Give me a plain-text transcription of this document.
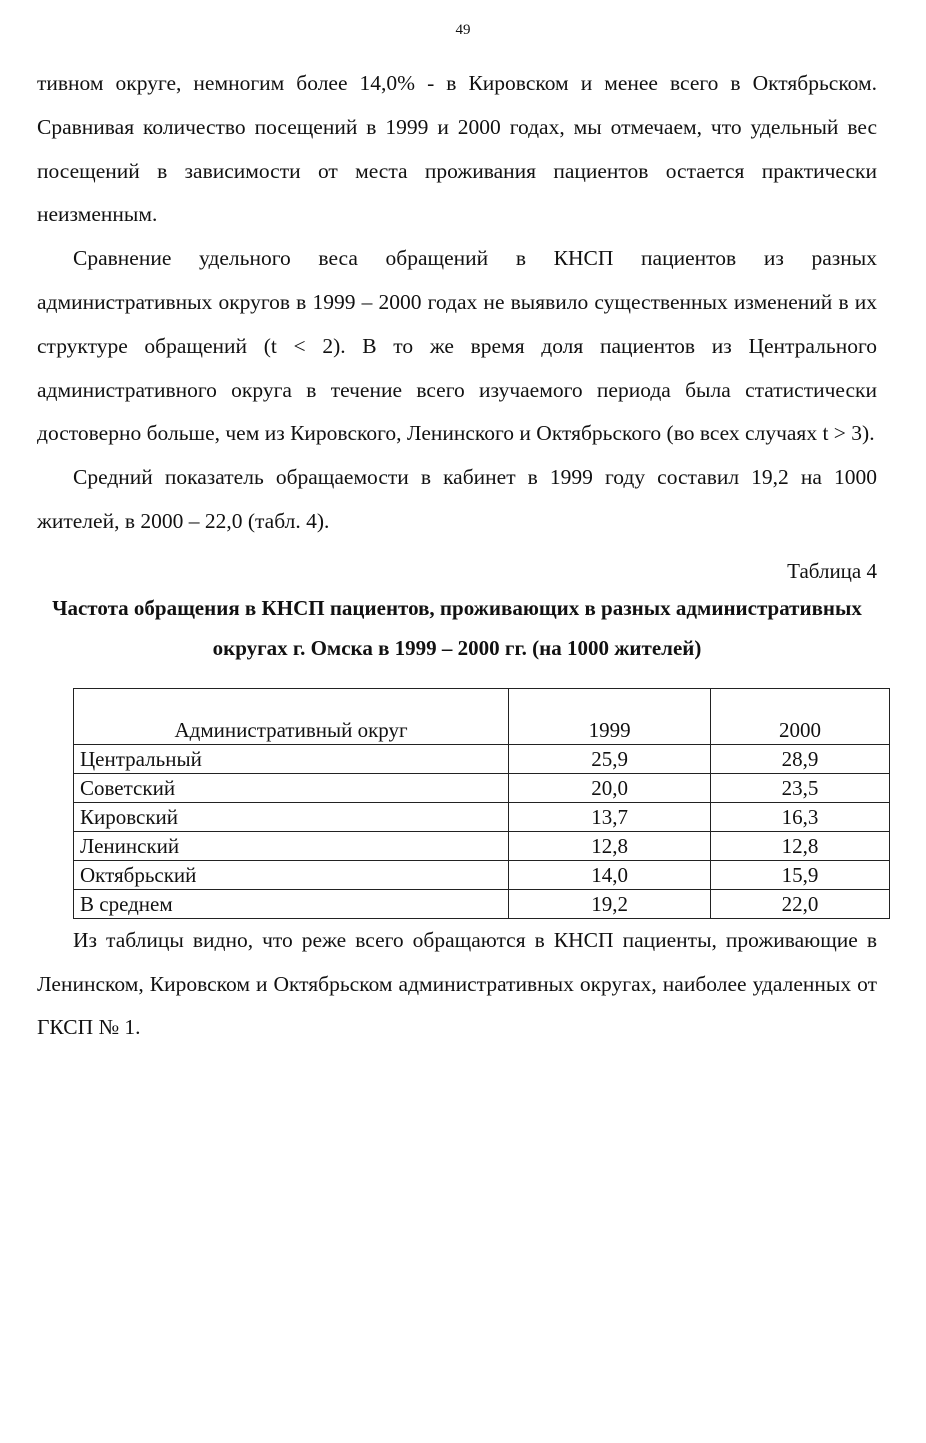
49

тивном округе, немногим более 14,0% - в Кировском и менее всего в Октябрьском. Сравнивая количество посещений в 1999 и 2000 годах, мы отмечаем, что удельный вес посещений в зависимости от места проживания пациентов остается практически неизменным.

Сравнение удельного веса обращений в КНСП пациентов из разных административных округов в 1999 – 2000 годах не выявило существенных изменений в их структуре обращений (t < 2). В то же время доля пациентов из Центрального административного округа в течение всего изучаемого периода была статистически достоверно больше, чем из Кировского, Ленинского и Октябрьского (во всех случаях t > 3).

Средний показатель обращаемости в кабинет в 1999 году составил 19,2 на 1000 жителей, в 2000 – 22,0 (табл. 4).

Таблица 4
Частота обращения в КНСП пациентов, проживающих в разных административных округах г. Омска в 1999 – 2000 гг. (на 1000 жителей)
Административный округ	1999	2000
Центральный	25,9	28,9
Советский	20,0	23,5
Кировский	13,7	16,3
Ленинский	12,8	12,8
Октябрьский	14,0	15,9
В среднем	19,2	22,0

Из таблицы видно, что реже всего обращаются в КНСП пациенты, проживающие в Ленинском, Кировском и Октябрьском административных округах, наиболее удаленных от ГКСП № 1.
